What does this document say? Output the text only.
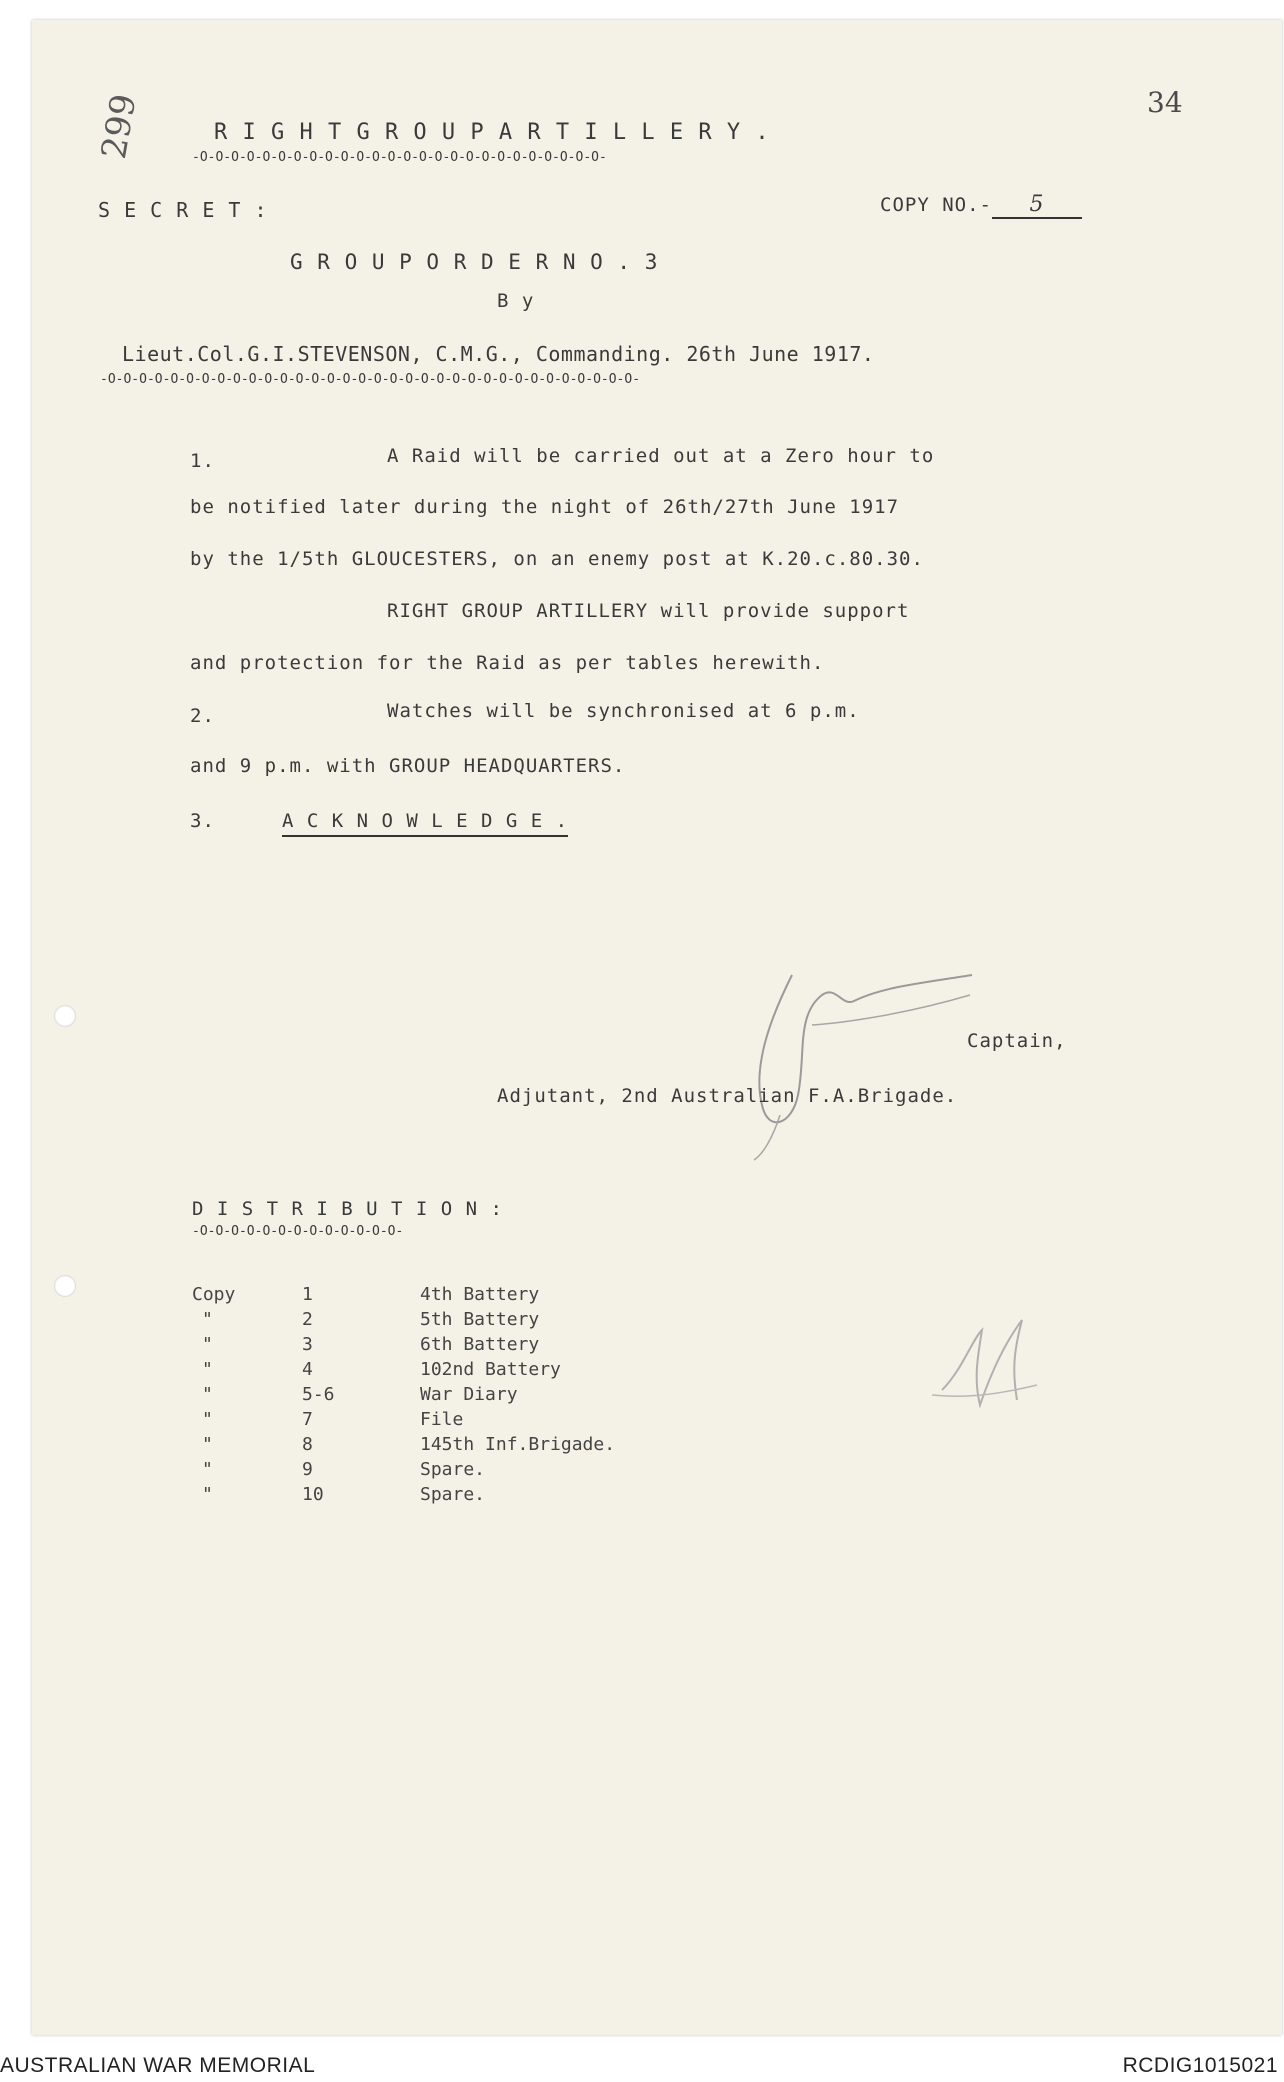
34
299	R I G H T G R O U P A R T I L L E R Y .
-O-O-O-O-O-O-O-O-O-O-O-O-O-O-O-O-O-O-O-O-O-O-O-O-O-O-
S E C R E T :	COPY NO.- 5
G R O U P O R D E R N O . 3
B y
Lieut.Col.G.I.STEVENSON, C.M.G., Commanding. 26th June 1917.
-O-O-O-O-O-O-O-O-O-O-O-O-O-O-O-O-O-O-O-O-O-O-O-O-O-O-O-O-O-O-O-O-O-O-
1.	A Raid will be carried out at a Zero hour to
be notified later during the night of 26th/27th June 1917
by the 1/5th GLOUCESTERS, on an enemy post at K.20.c.80.30.
RIGHT GROUP ARTILLERY will provide support
and protection for the Raid as per tables herewith.
2.	Watches will be synchronised at 6 p.m.
and 9 p.m. with GROUP HEADQUARTERS.
3.	A C K N O W L E D G E .
Captain,
Adjutant, 2nd Australian F.A.Brigade.
D I S T R I B U T I O N :
-O-O-O-O-O-O-O-O-O-O-O-O-O-
Copy	1	4th Battery
"	2	5th Battery
"	3	6th Battery
"	4	102nd Battery
"	5-6	War Diary
"	7	File
"	8	145th Inf.Brigade.
"	9	Spare.
"	10	Spare.
AUSTRALIAN WAR MEMORIAL	RCDIG1015021
